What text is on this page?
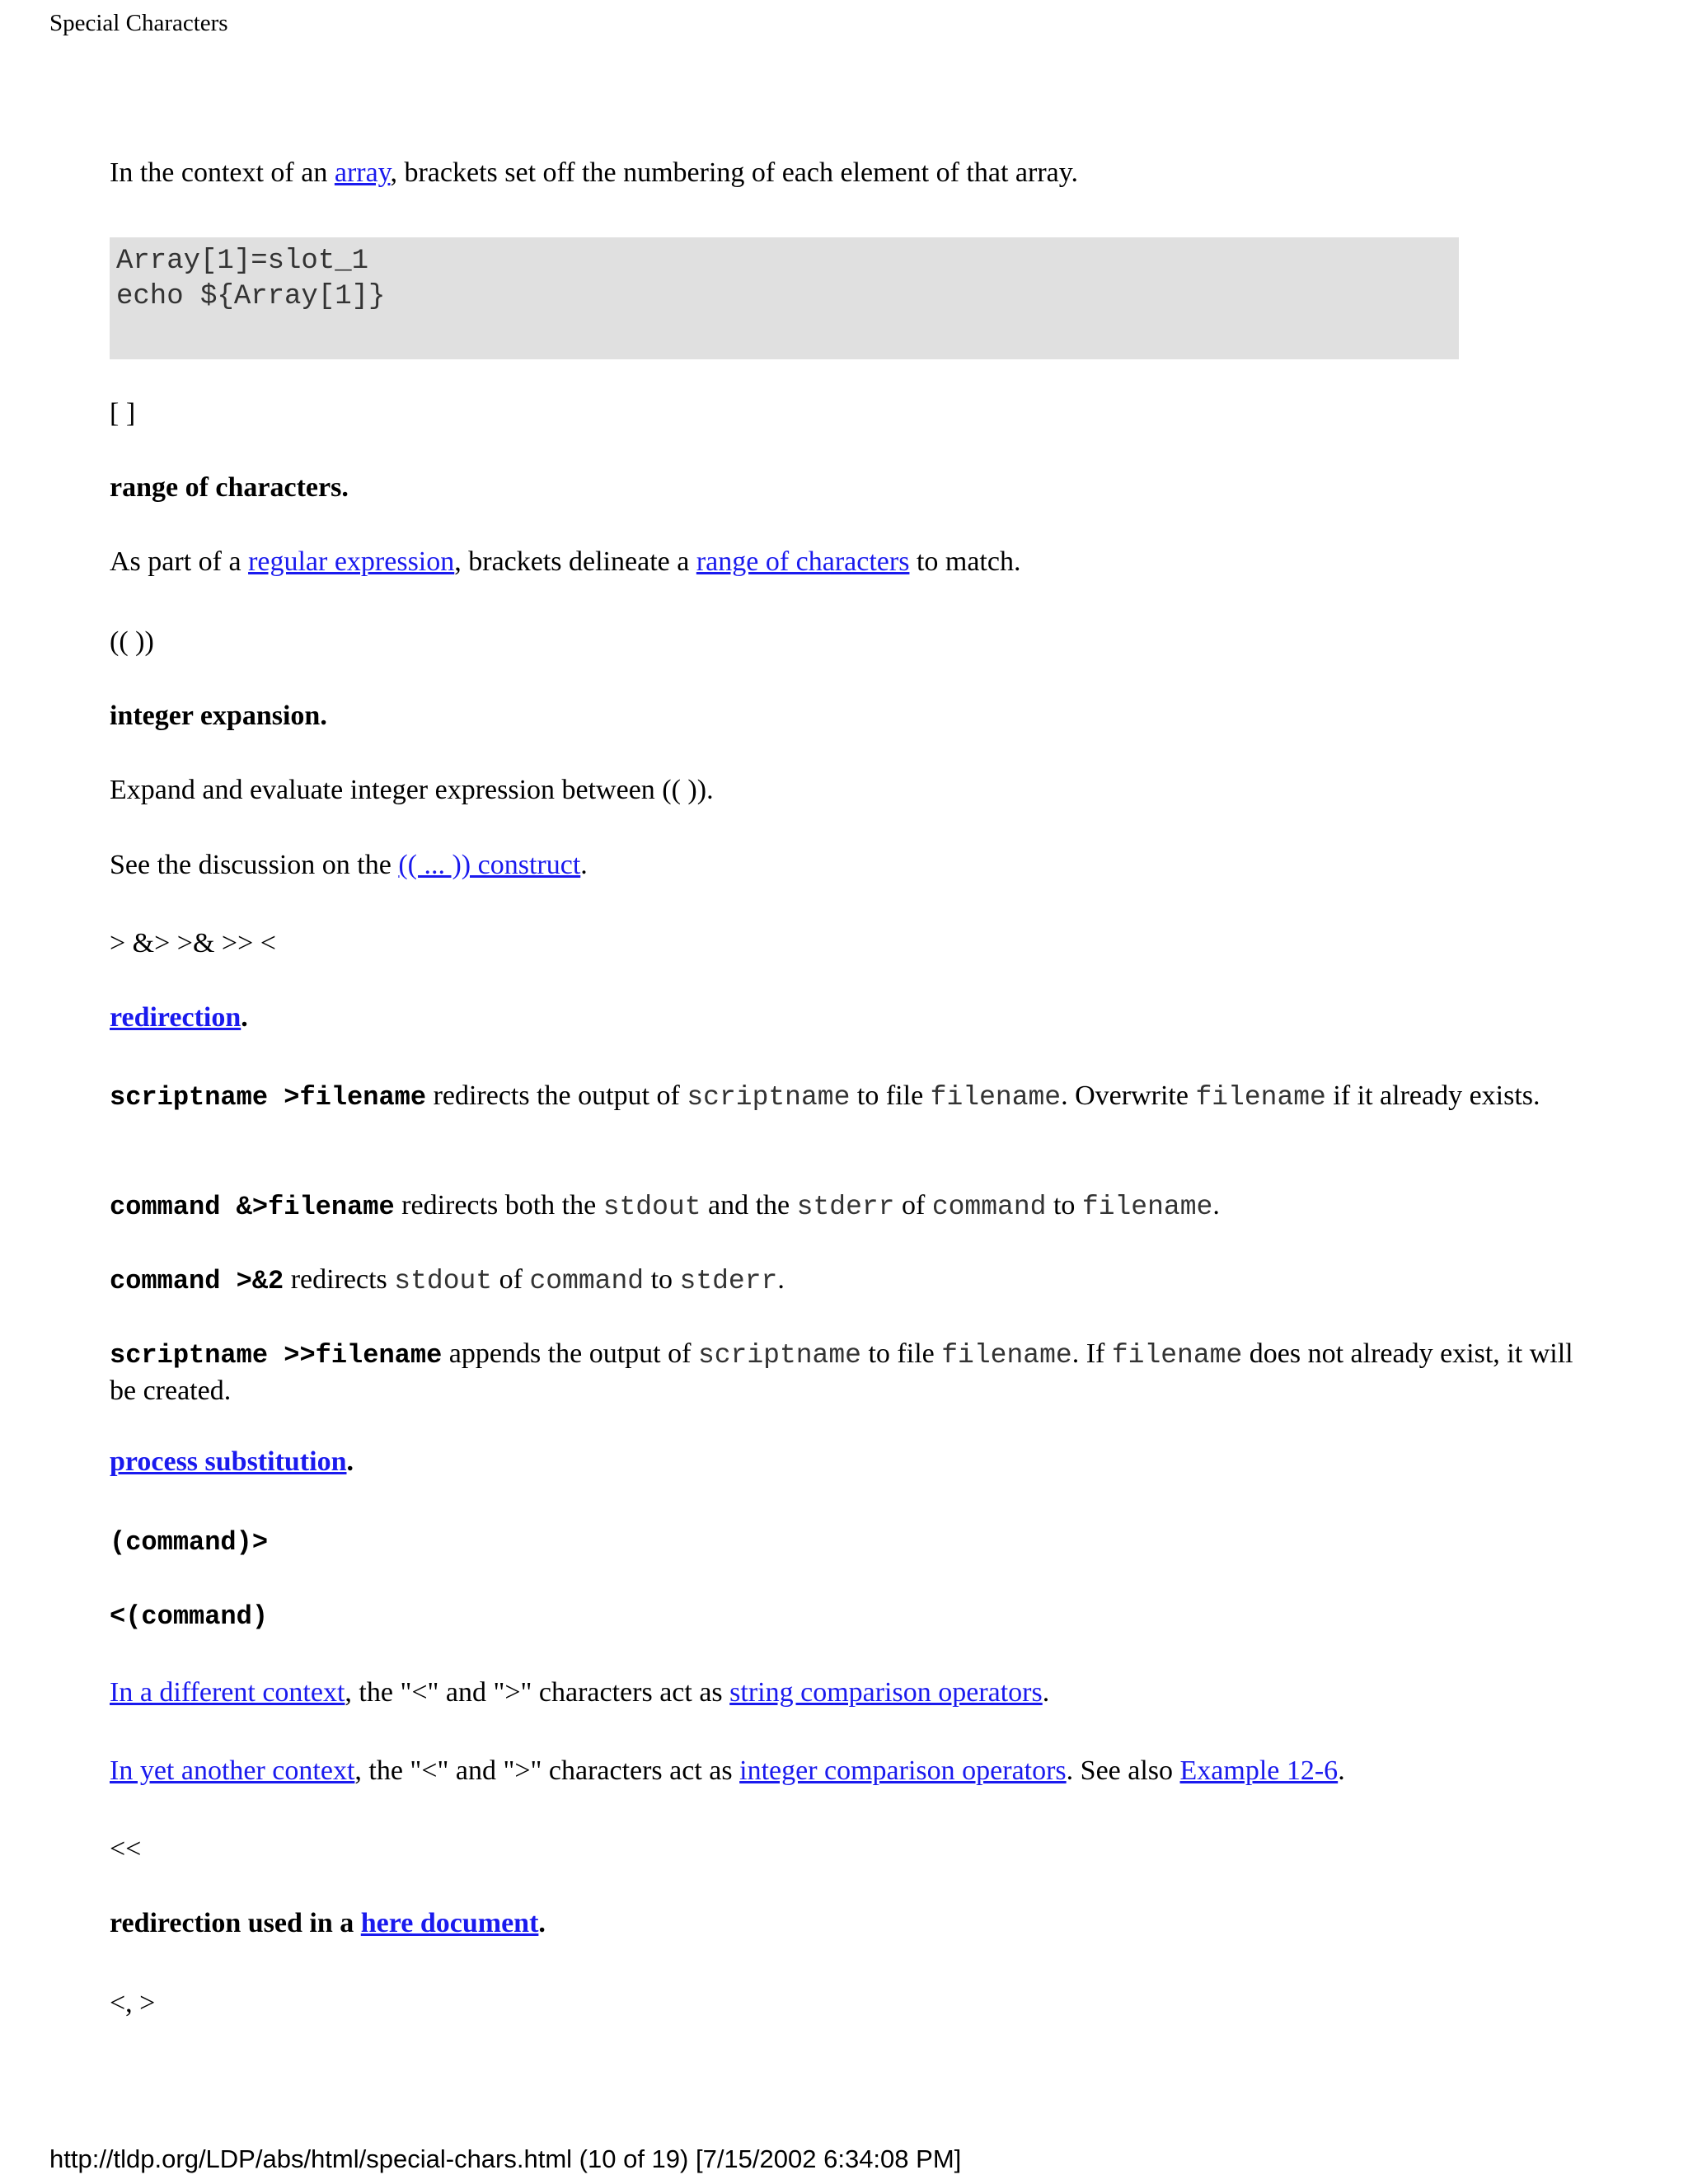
Special Characters
In the context of an array, brackets set off the numbering of each element of that array.
Array[1]=slot_1
echo ${Array[1]}
[ ]
range of characters.
As part of a regular expression, brackets delineate a range of characters to match.
(( ))
integer expansion.
Expand and evaluate integer expression between (( )).
See the discussion on the (( ... )) construct.
> &> >& >> <
redirection.
scriptname >filename redirects the output of scriptname to file filename. Overwrite filename if it already exists.
command &>filename redirects both the stdout and the stderr of command to filename.
command >&2 redirects stdout of command to stderr.
scriptname >>filename appends the output of scriptname to file filename. If filename does not already exist, it will be created.
process substitution.
(command)>
<(command)
In a different context, the "<" and ">" characters act as string comparison operators.
In yet another context, the "<" and ">" characters act as integer comparison operators. See also Example 12-6.
<<
redirection used in a here document.
<, >
http://tldp.org/LDP/abs/html/special-chars.html (10 of 19) [7/15/2002 6:34:08 PM]
